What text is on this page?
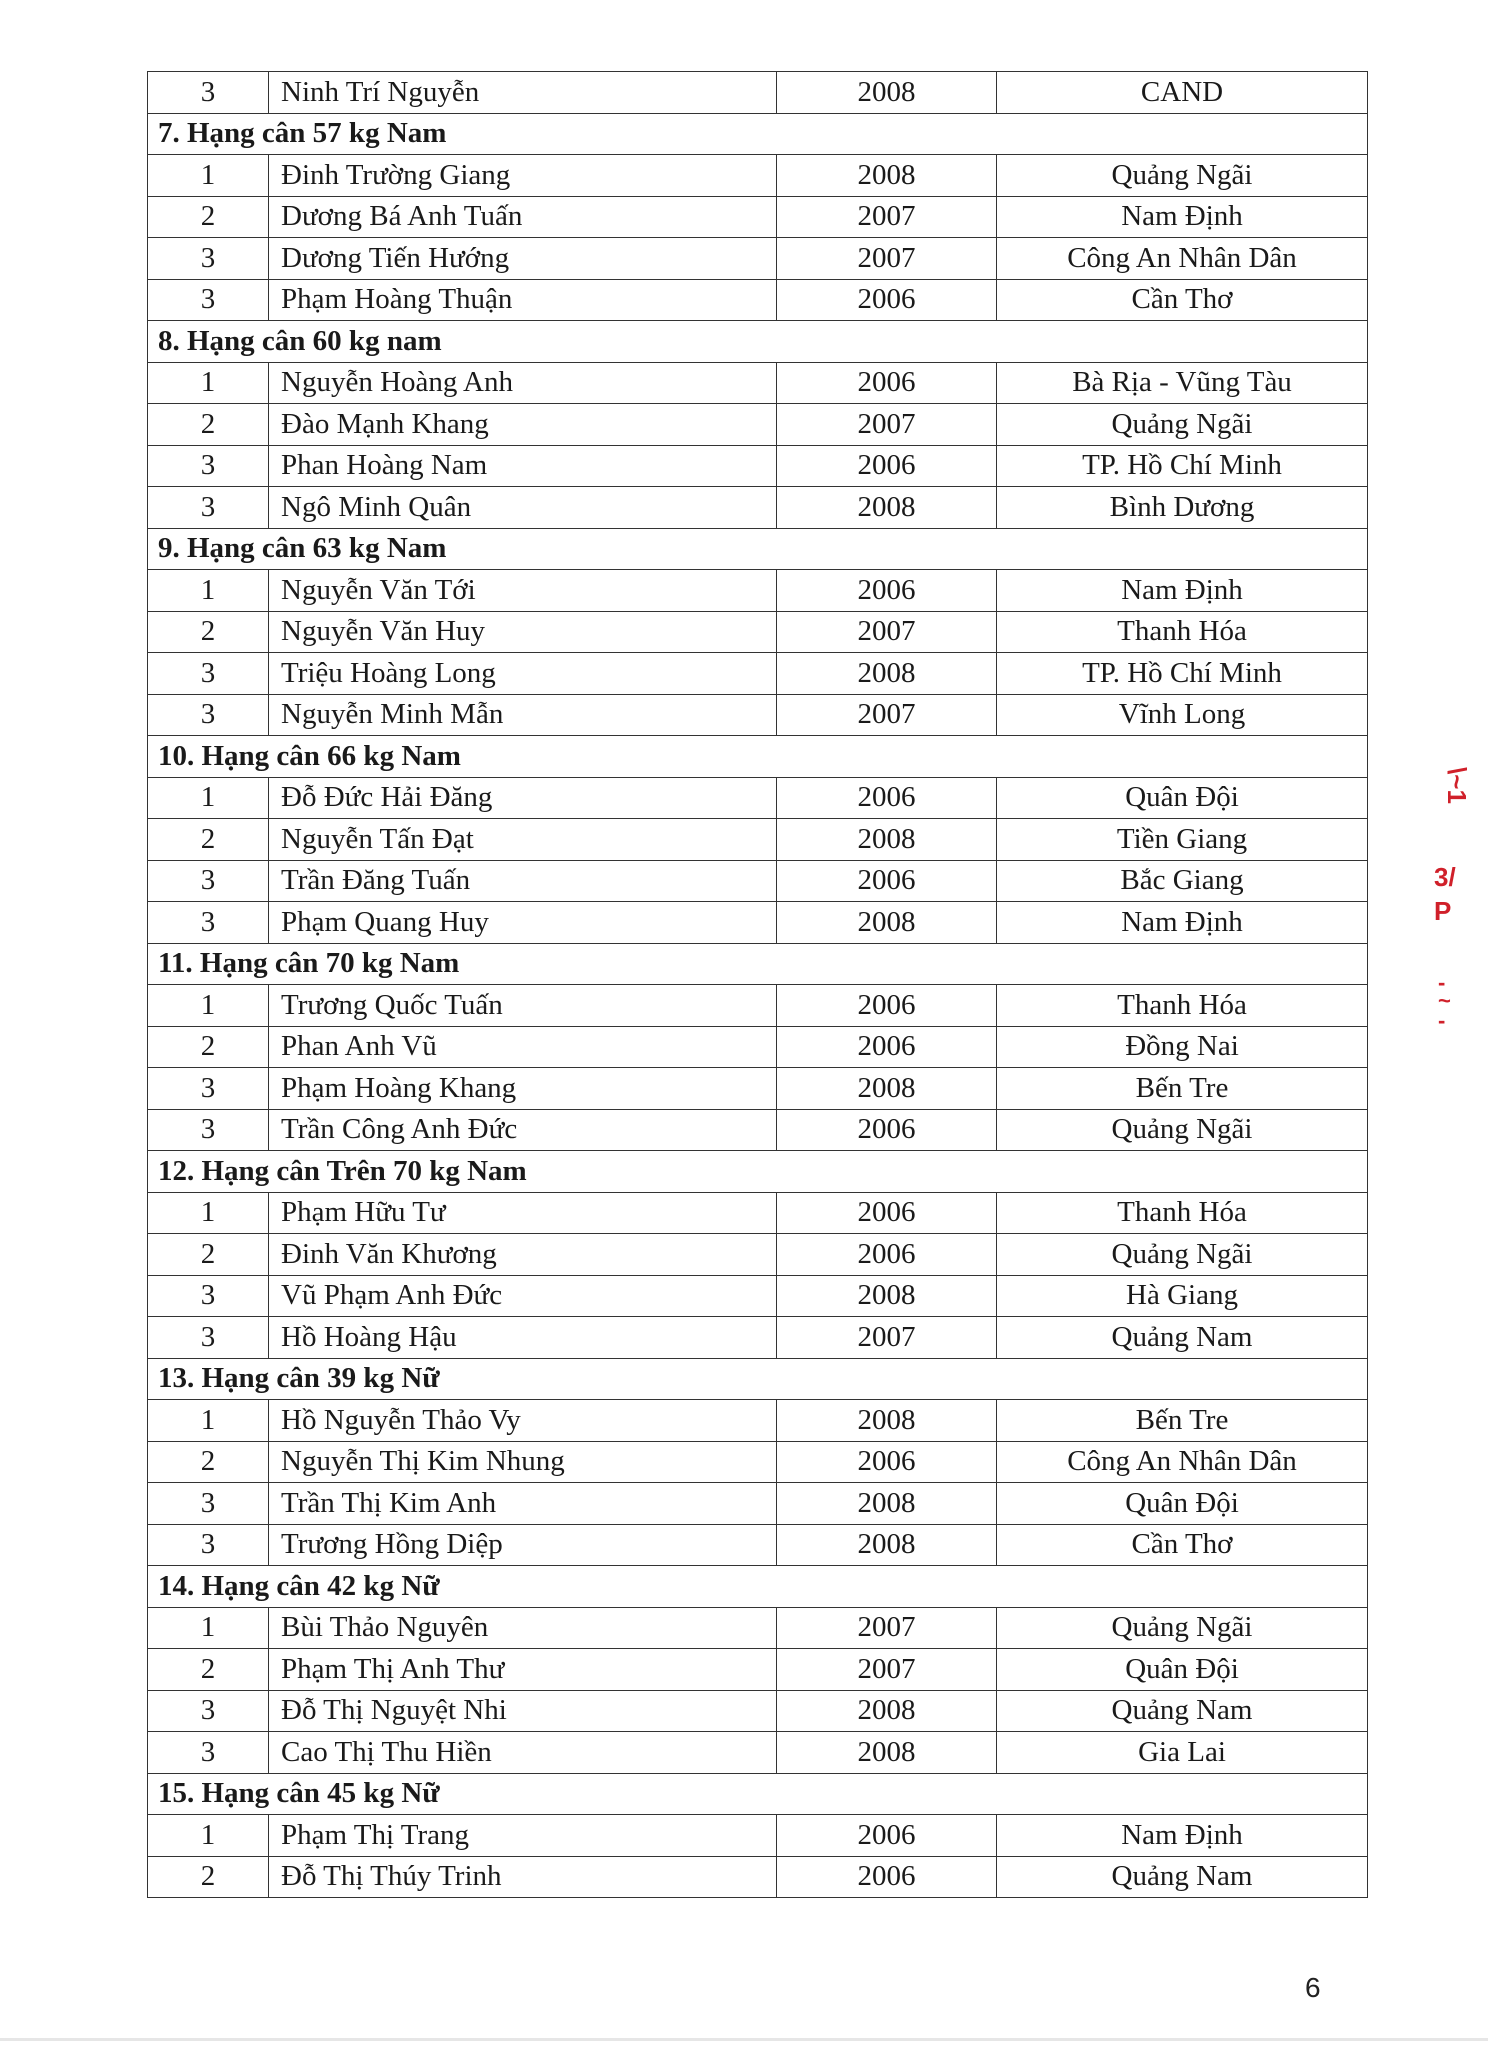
3	Ninh Trí Nguyễn	2008	CAND
7. Hạng cân 57 kg Nam			
1	Đinh Trường Giang	2008	Quảng Ngãi
2	Dương Bá Anh Tuấn	2007	Nam Định
3	Dương Tiến Hướng	2007	Công An Nhân Dân
3	Phạm Hoàng Thuận	2006	Cần Thơ
8. Hạng cân 60 kg nam			
1	Nguyễn Hoàng Anh	2006	Bà Rịa - Vũng Tàu
2	Đào Mạnh Khang	2007	Quảng Ngãi
3	Phan Hoàng Nam	2006	TP. Hồ Chí Minh
3	Ngô Minh Quân	2008	Bình Dương
9. Hạng cân 63 kg Nam			
1	Nguyễn Văn Tới	2006	Nam Định
2	Nguyễn Văn Huy	2007	Thanh Hóa
3	Triệu Hoàng Long	2008	TP. Hồ Chí Minh
3	Nguyễn Minh Mẫn	2007	Vĩnh Long
10. Hạng cân 66 kg Nam			
1	Đỗ Đức Hải Đăng	2006	Quân Đội
2	Nguyễn Tấn Đạt	2008	Tiền Giang
3	Trần Đăng Tuấn	2006	Bắc Giang
3	Phạm Quang Huy	2008	Nam Định
11. Hạng cân 70 kg Nam			
1	Trương Quốc Tuấn	2006	Thanh Hóa
2	Phan Anh Vũ	2006	Đồng Nai
3	Phạm Hoàng Khang	2008	Bến Tre
3	Trần Công Anh Đức	2006	Quảng Ngãi
12. Hạng cân Trên 70 kg Nam			
1	Phạm Hữu Tư	2006	Thanh Hóa
2	Đinh Văn Khương	2006	Quảng Ngãi
3	Vũ Phạm Anh Đức	2008	Hà Giang
3	Hồ Hoàng Hậu	2007	Quảng Nam
13. Hạng cân 39 kg Nữ			
1	Hồ Nguyễn Thảo Vy	2008	Bến Tre
2	Nguyễn Thị Kim Nhung	2006	Công An Nhân Dân
3	Trần Thị Kim Anh	2008	Quân Đội
3	Trương Hồng Diệp	2008	Cần Thơ
14. Hạng cân 42 kg Nữ			
1	Bùi Thảo Nguyên	2007	Quảng Ngãi
2	Phạm Thị Anh Thư	2007	Quân Đội
3	Đỗ Thị Nguyệt Nhi	2008	Quảng Nam
3	Cao Thị Thu Hiền	2008	Gia Lai
15. Hạng cân 45 kg Nữ			
1	Phạm Thị Trang	2006	Nam Định
2	Đỗ Thị Thúy Trinh	2006	Quảng Nam
\~1
3/
P
-
~
-
6
